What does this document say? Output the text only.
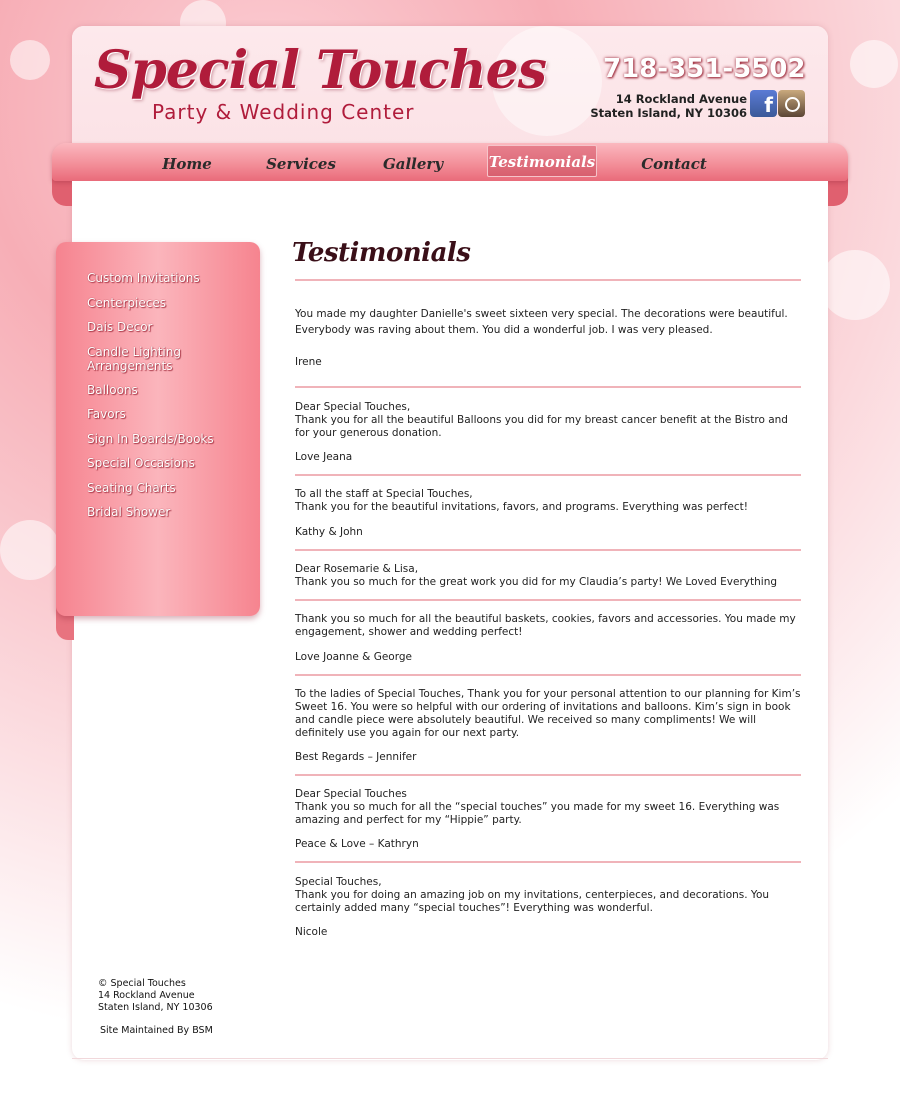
Special Touches
Party & Wedding Center
718-351-5502
14 Rockland Avenue
Staten Island, NY 10306 f
Home	Services	Gallery	Testimonials	Contact
Custom Invitations
Centerpieces
Dais Decor
Candle Lighting Arrangements
Balloons
Favors
Sign In Boards/Books
Special Occasions
Seating Charts
Bridal Shower
Testimonials
You made my daughter Danielle's sweet sixteen very special. The decorations were beautiful. Everybody was raving about them. You did a wonderful job. I was very pleased.
Irene
Dear Special Touches,
Thank you for all the beautiful Balloons you did for my breast cancer benefit at the Bistro and for your generous donation.
Love Jeana
To all the staff at Special Touches,
Thank you for the beautiful invitations, favors, and programs. Everything was perfect!
Kathy & John
Dear Rosemarie & Lisa,
Thank you so much for the great work you did for my Claudia’s party! We Loved Everything
Thank you so much for all the beautiful baskets, cookies, favors and accessories. You made my engagement, shower and wedding perfect!
Love Joanne & George
To the ladies of Special Touches, Thank you for your personal attention to our planning for Kim’s Sweet 16. You were so helpful with our ordering of invitations and balloons. Kim’s sign in book and candle piece were absolutely beautiful. We received so many compliments! We will definitely use you again for our next party.
Best Regards – Jennifer
Dear Special Touches
Thank you so much for all the “special touches” you made for my sweet 16. Everything was amazing and perfect for my “Hippie” party.
Peace & Love – Kathryn
Special Touches,
Thank you for doing an amazing job on my invitations, centerpieces, and decorations. You certainly added many “special touches”! Everything was wonderful.
Nicole
© Special Touches
14 Rockland Avenue
Staten Island, NY 10306
Site Maintained By BSM
